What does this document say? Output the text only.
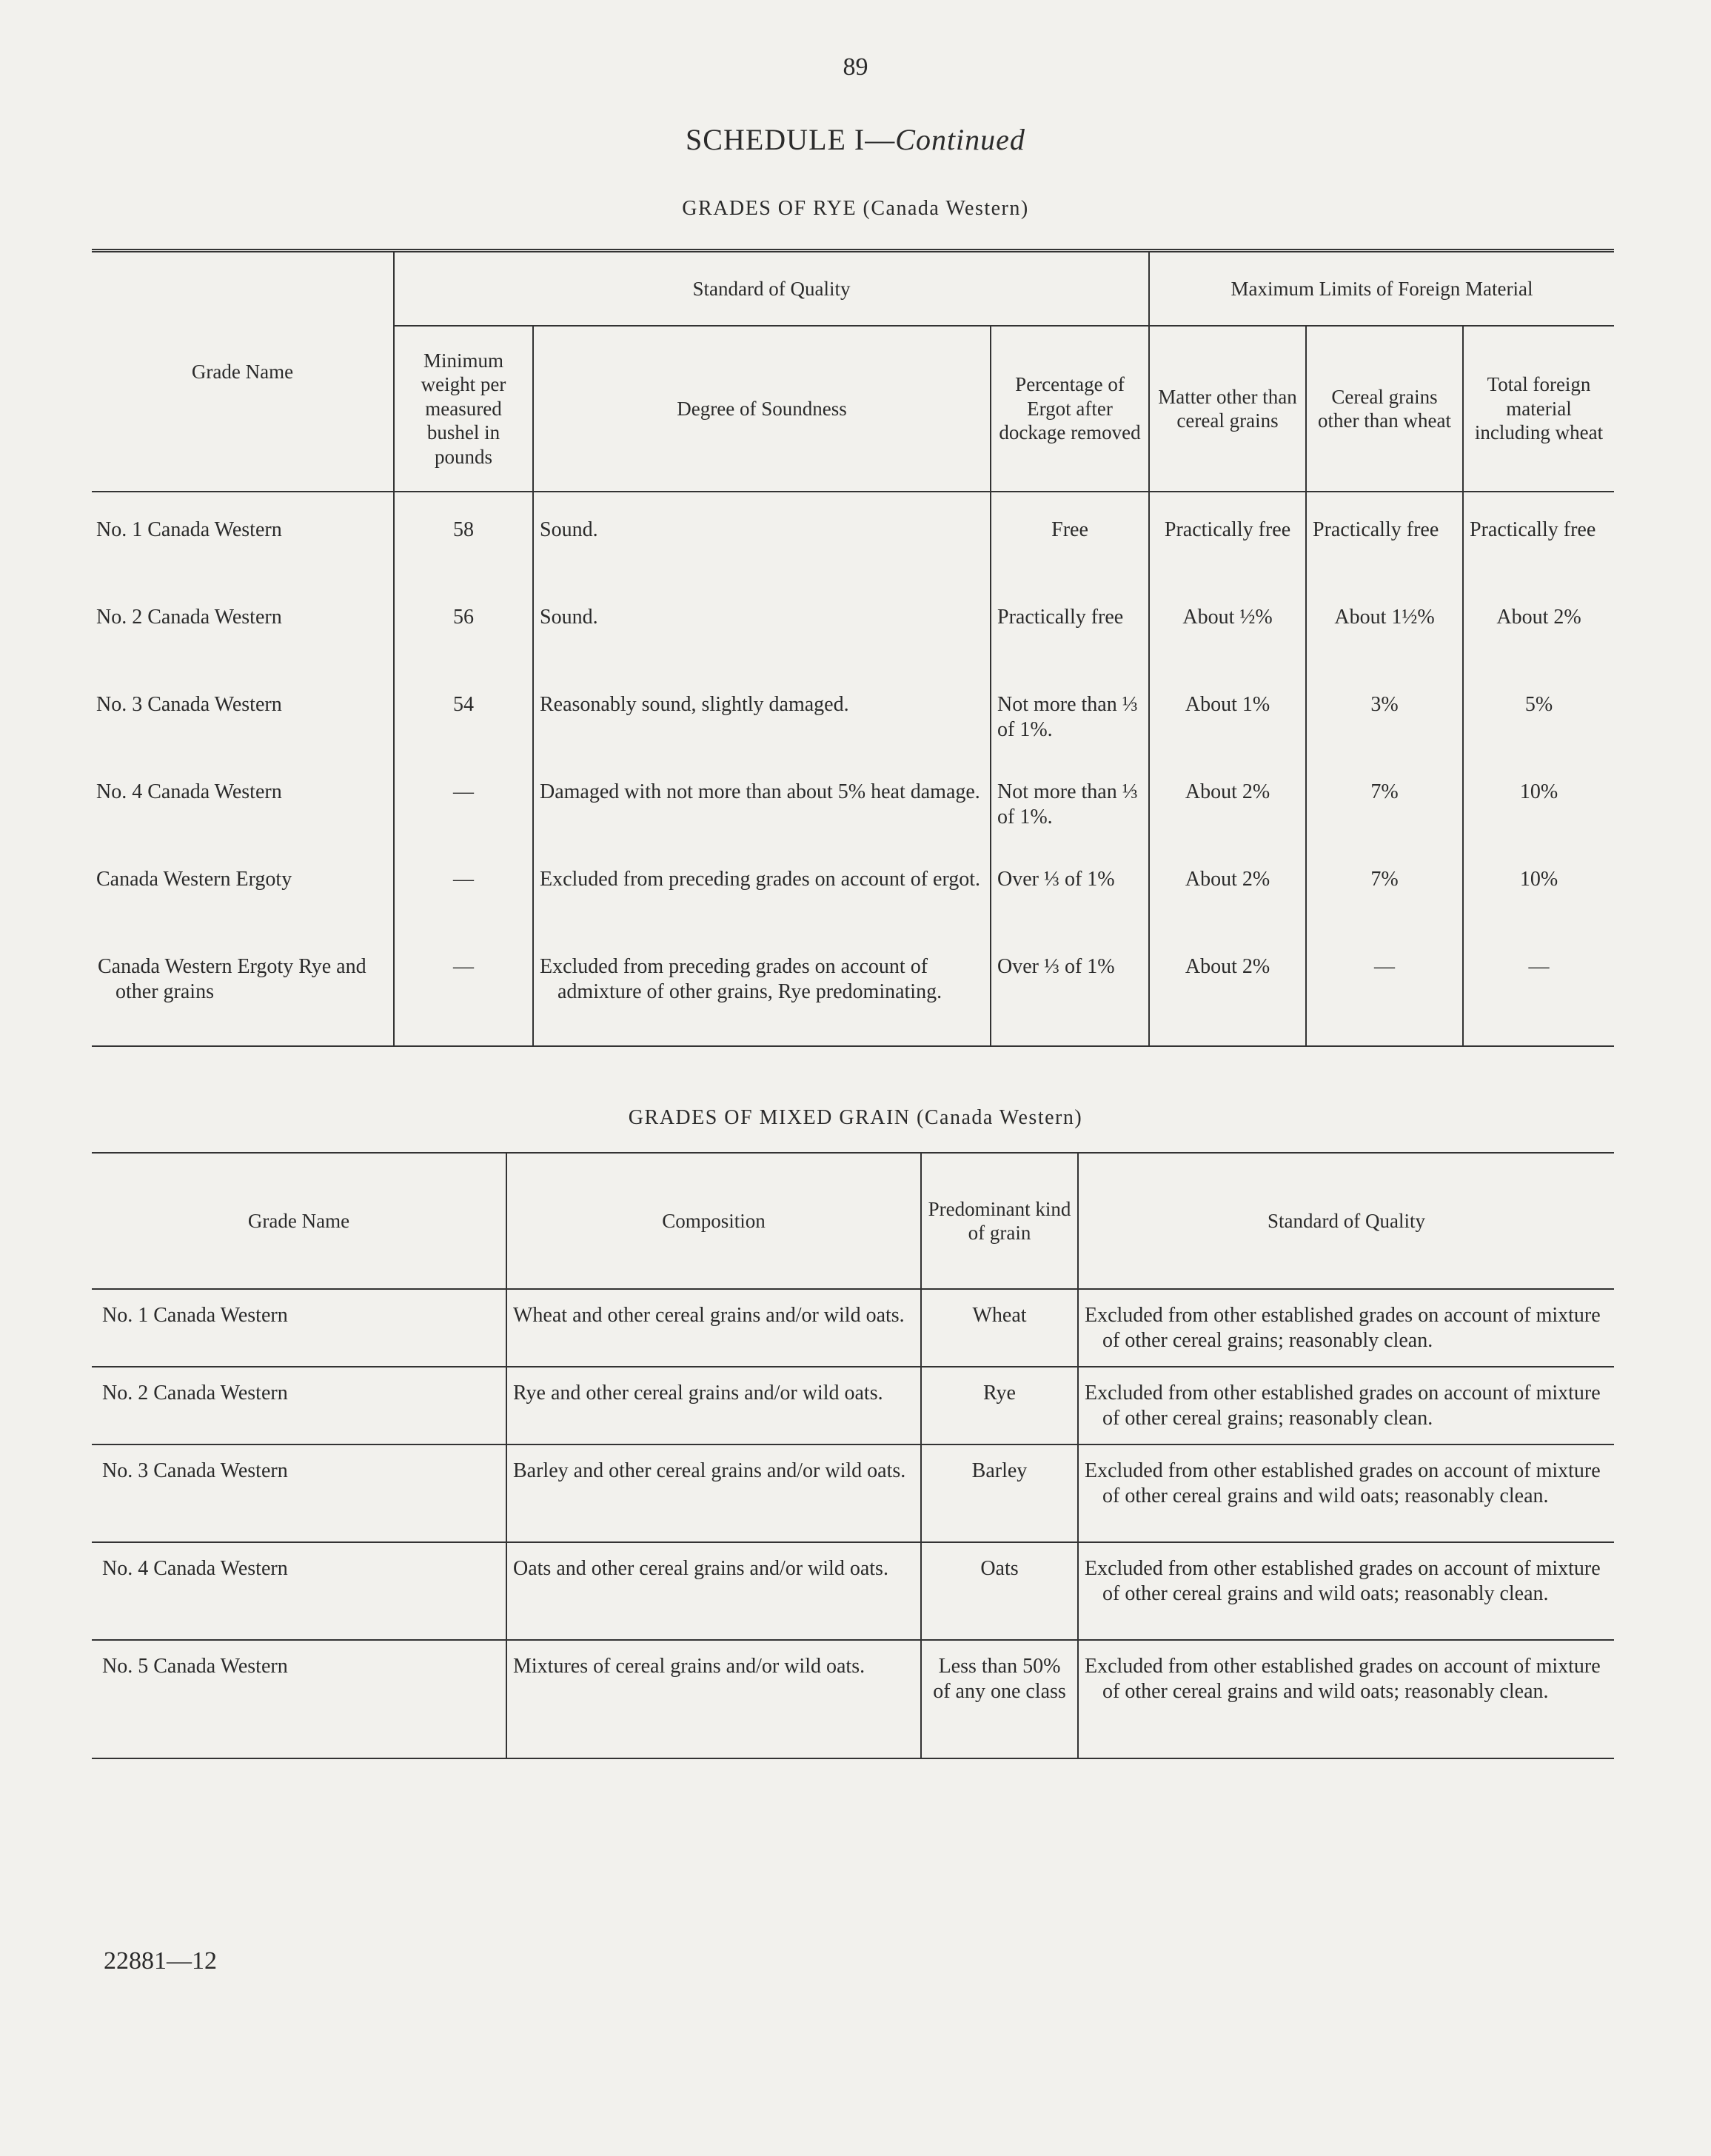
89
SCHEDULE I—Continued
GRADES OF RYE (Canada Western)
Grade Name	Standard of Quality			Maximum Limits of Foreign Material		
	Minimum weight per measured bushel in pounds	Degree of Soundness	Percentage of Ergot after dockage removed	Matter other than cereal grains	Cereal grains other than wheat	Total foreign material including wheat
No. 1 Canada Western	58	Sound.	Free	Practically free	Practically free	Practically free
No. 2 Canada Western	56	Sound.	Practically free	About ½%	About 1½%	About 2%
No. 3 Canada Western	54	Reasonably sound, slightly damaged.	Not more than ⅓ of 1%.	About 1%	3%	5%
No. 4 Canada Western	—	Damaged with not more than about 5% heat damage.	Not more than ⅓ of 1%.	About 2%	7%	10%
Canada Western Ergoty	—	Excluded from preceding grades on account of ergot.	Over ⅓ of 1%	About 2%	7%	10%
Canada Western Ergoty Rye and other grains	—	Excluded from preceding grades on account of admixture of other grains, Rye predominating.	Over ⅓ of 1%	About 2%	—	—
GRADES OF MIXED GRAIN (Canada Western)
Grade Name	Composition	Predominant kind of grain	Standard of Quality
No. 1 Canada Western	Wheat and other cereal grains and/or wild oats.	Wheat	Excluded from other established grades on account of mixture of other cereal grains; reasonably clean.
No. 2 Canada Western	Rye and other cereal grains and/or wild oats.	Rye	Excluded from other established grades on account of mixture of other cereal grains; reasonably clean.
No. 3 Canada Western	Barley and other cereal grains and/or wild oats.	Barley	Excluded from other established grades on account of mixture of other cereal grains and wild oats; reasonably clean.
No. 4 Canada Western	Oats and other cereal grains and/or wild oats.	Oats	Excluded from other established grades on account of mixture of other cereal grains and wild oats; reasonably clean.
No. 5 Canada Western	Mixtures of cereal grains and/or wild oats.	Less than 50% of any one class	Excluded from other established grades on account of mixture of other cereal grains and wild oats; reasonably clean.
22881—12
